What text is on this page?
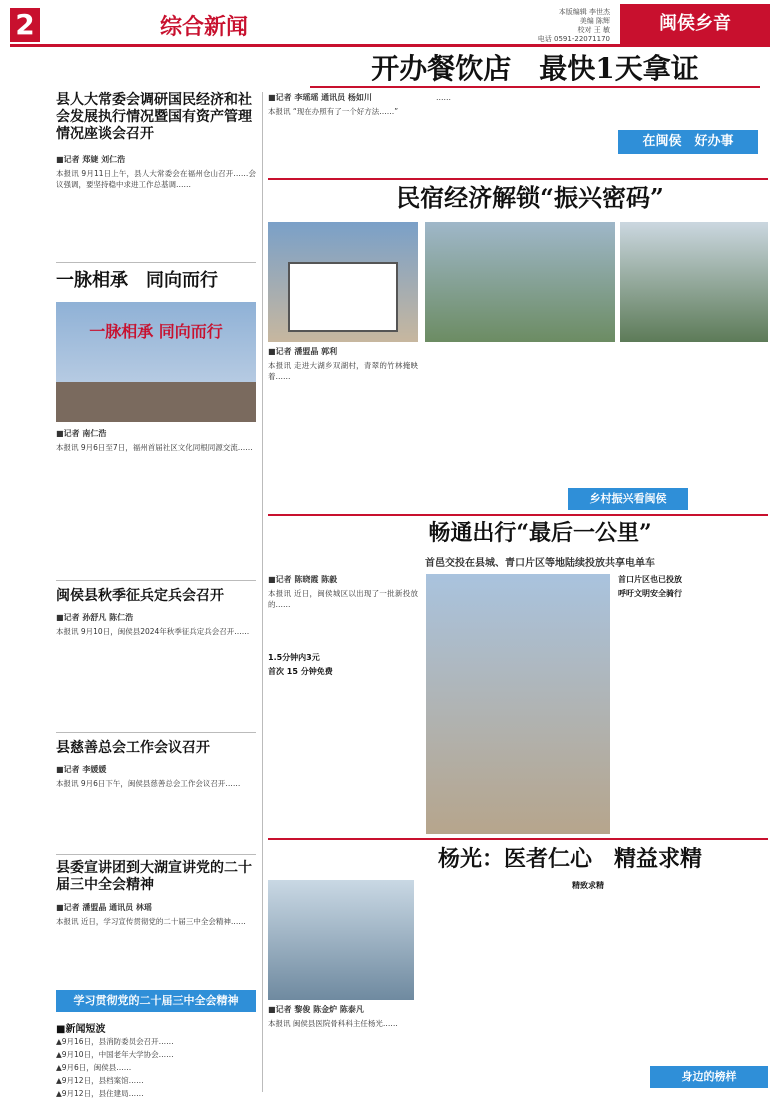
2	综合新闻
本版编辑 李世杰
美编 陈辉
校对 王 敏
电话 0591-22071170
闽侯乡音
开办餐饮店　最快1天拿证
县人大常委会调研国民经济和社会发展执行情况暨国有资产管理情况座谈会召开
■记者 郑婕 刘仁浩
本报讯 9月11日上午，县人大常委会在福州仓山召开……会议强调，要坚持稳中求进工作总基调……
一脉相承　同向而行
一脉相承 同向而行
■记者 南仁浩
本报讯 9月6日至7日，福州首届社区文化同根同源交流……
闽侯县秋季征兵定兵会召开
■记者 孙舒凡 陈仁浩
本报讯 9月10日，闽侯县2024年秋季征兵定兵会召开……
县慈善总会工作会议召开
■记者 李媛媛
本报讯 9月6日下午，闽侯县慈善总会工作会议召开……
县委宣讲团到大湖宣讲党的二十届三中全会精神
■记者 潘盟晶 通讯员 林瑶
本报讯 近日，学习宣传贯彻党的二十届三中全会精神……
学习贯彻党的二十届三中全会精神
■新闻短波
▲9月16日，县消防委员会召开……
▲9月10日，中国老年大学协会……
▲9月6日，闽侯县……
▲9月12日，县档案馆……
▲9月12日，县住建局……
■记者 李瑶瑶 通讯员 杨如川
本报讯 “现在办照有了一个好方法……”
……
在闽侯　好办事
民宿经济解锁“振兴密码”
■记者 潘盟晶 郭利
本报讯 走进大湖乡双湖村，青翠的竹林掩映着……
乡村振兴看闽侯
畅通出行“最后一公里”
首邑交投在县城、青口片区等地陆续投放共享电单车
■记者 陈晓霞 陈毅
本报讯 近日，闽侯城区以出现了一批新投放的……
1.5分钟内3元
首次 15 分钟免费
首口片区也已投放
呼吁文明安全骑行
杨光：医者仁心　精益求精
■记者 黎俊 陈金炉 陈泰凡
本报讯 闽侯县医院骨科科主任杨光……
精致求精
身边的榜样
